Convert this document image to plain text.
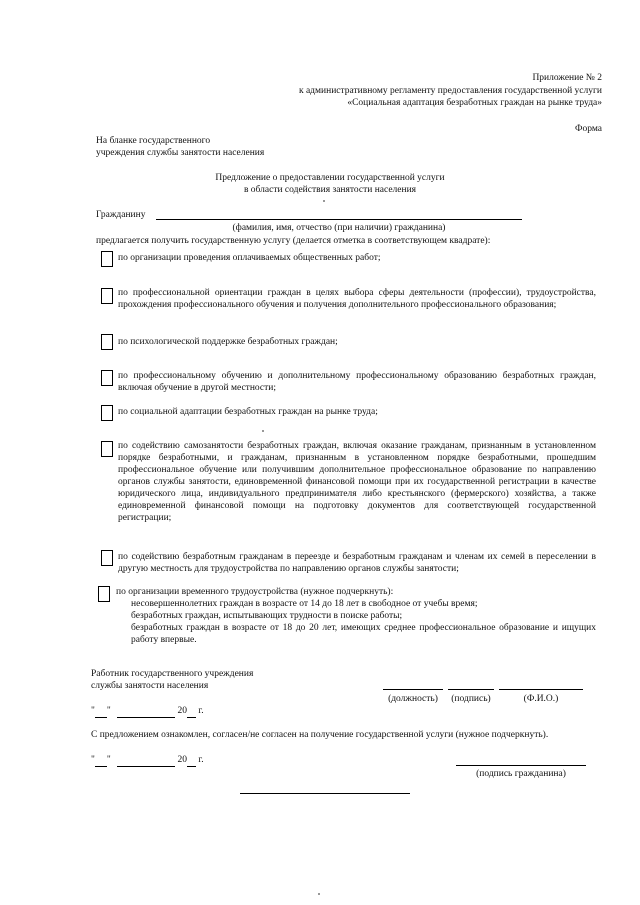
Приложение № 2
к административному регламенту предоставления государственной услуги
«Социальная адаптация безработных граждан на рынке труда»
Форма
На бланке государственного
учреждения службы занятости населения
Предложение о предоставлении государственной услуги
в области содействия занятости населения
Гражданину
(фамилия, имя, отчество (при наличии) гражданина)
предлагается получить государственную услугу (делается отметка в соответствующем квадрате):
по организации проведения оплачиваемых общественных работ;
по профессиональной ориентации граждан в целях выбора сферы деятельности (профессии), трудоустройства, прохождения профессионального обучения и получения дополнительного профессионального образования;
по психологической поддержке безработных граждан;
по профессиональному обучению и дополнительному профессиональному образованию безработных граждан, включая обучение в другой местности;
по социальной адаптации безработных граждан на рынке труда;
по содействию самозанятости безработных граждан, включая оказание гражданам, признанным в установленном порядке безработными, и гражданам, признанным в установленном порядке безработными, прошедшим профессиональное обучение или получившим дополнительное профессиональное образование по направлению органов службы занятости, единовременной финансовой помощи при их государственной регистрации в качестве юридического лица, индивидуального предпринимателя либо крестьянского (фермерского) хозяйства, а также единовременной финансовой помощи на подготовку документов для соответствующей государственной регистрации;
по содействию безработным гражданам в переезде и безработным гражданам и членам их семей в переселении в другую местность для трудоустройства по направлению органов службы занятости;
по организации временного трудоустройства (нужное подчеркнуть):
несовершеннолетних граждан в возрасте от 14 до 18 лет в свободное от учебы время;
безработных граждан, испытывающих трудности в поиске работы;
безработных граждан в возрасте от 18 до 20 лет, имеющих среднее профессиональное образование и ищущих работу впервые.
Работник государственного учреждения
службы занятости населения
(должность)	(подпись)	(Ф.И.О.)
" "	20 г.
С предложением ознакомлен, согласен/не согласен на получение государственной услуги (нужное подчеркнуть).
" "	20 г.
(подпись гражданина)
